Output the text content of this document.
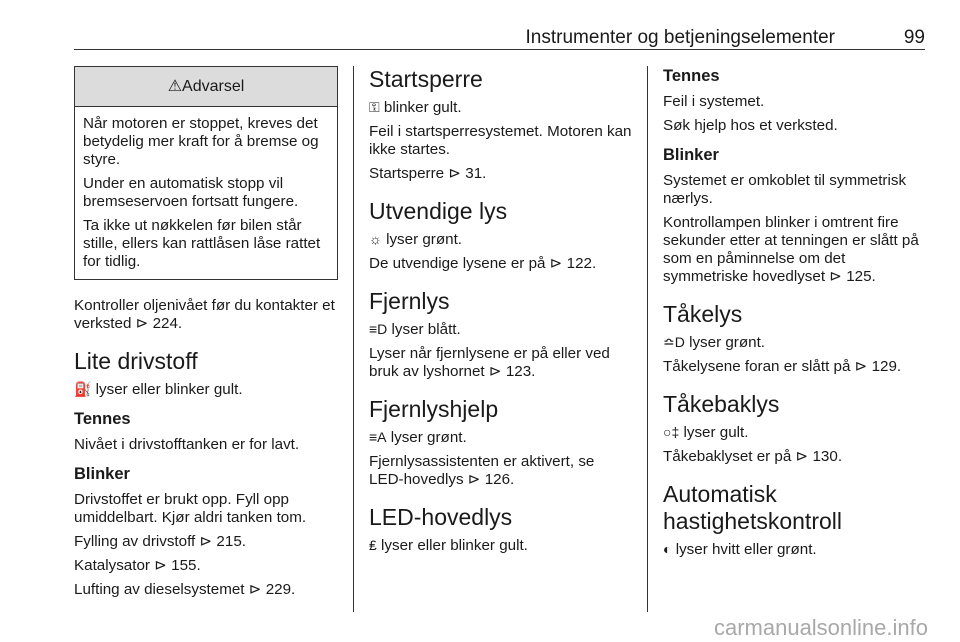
Instrumenter og betjeningselementer	99
⚠Advarsel

Når motoren er stoppet, kreves det betydelig mer kraft for å bremse og styre.

Under en automatisk stopp vil bremseservoen fortsatt fungere.

Ta ikke ut nøkkelen før bilen står stille, ellers kan rattlåsen låse rattet for tidlig.

Kontroller oljenivået før du kontakter et verksted ⊳ 224.

Lite drivstoff

⛽ lyser eller blinker gult.

Tennes

Nivået i drivstofftanken er for lavt.

Blinker

Drivstoffet er brukt opp. Fyll opp umiddelbart. Kjør aldri tanken tom.

Fylling av drivstoff ⊳ 215.

Katalysator ⊳ 155.

Lufting av dieselsystemet ⊳ 229.

Startsperre

⚿ blinker gult.

Feil i startsperresystemet. Motoren kan ikke startes.

Startsperre ⊳ 31.

Utvendige lys

☼ lyser grønt.

De utvendige lysene er på ⊳ 122.

Fjernlys

≡D lyser blått.

Lyser når fjernlysene er på eller ved bruk av lyshornet ⊳ 123.

Fjernlyshjelp

≡A lyser grønt.

Fjernlysassistenten er aktivert, se LED-hovedlys ⊳ 126.

LED-hovedlys

₤ lyser eller blinker gult.

Tennes

Feil i systemet.

Søk hjelp hos et verksted.

Blinker

Systemet er omkoblet til symmetrisk nærlys.

Kontrollampen blinker i omtrent fire sekunder etter at tenningen er slått på som en påminnelse om det symmetriske hovedlyset ⊳ 125.

Tåkelys

≏D lyser grønt.

Tåkelysene foran er slått på ⊳ 129.

Tåkebaklys

○‡ lyser gult.

Tåkebaklyset er på ⊳ 130.

Automatisk hastighetskontroll

◐ lyser hvitt eller grønt.

carmanualsonline.info
